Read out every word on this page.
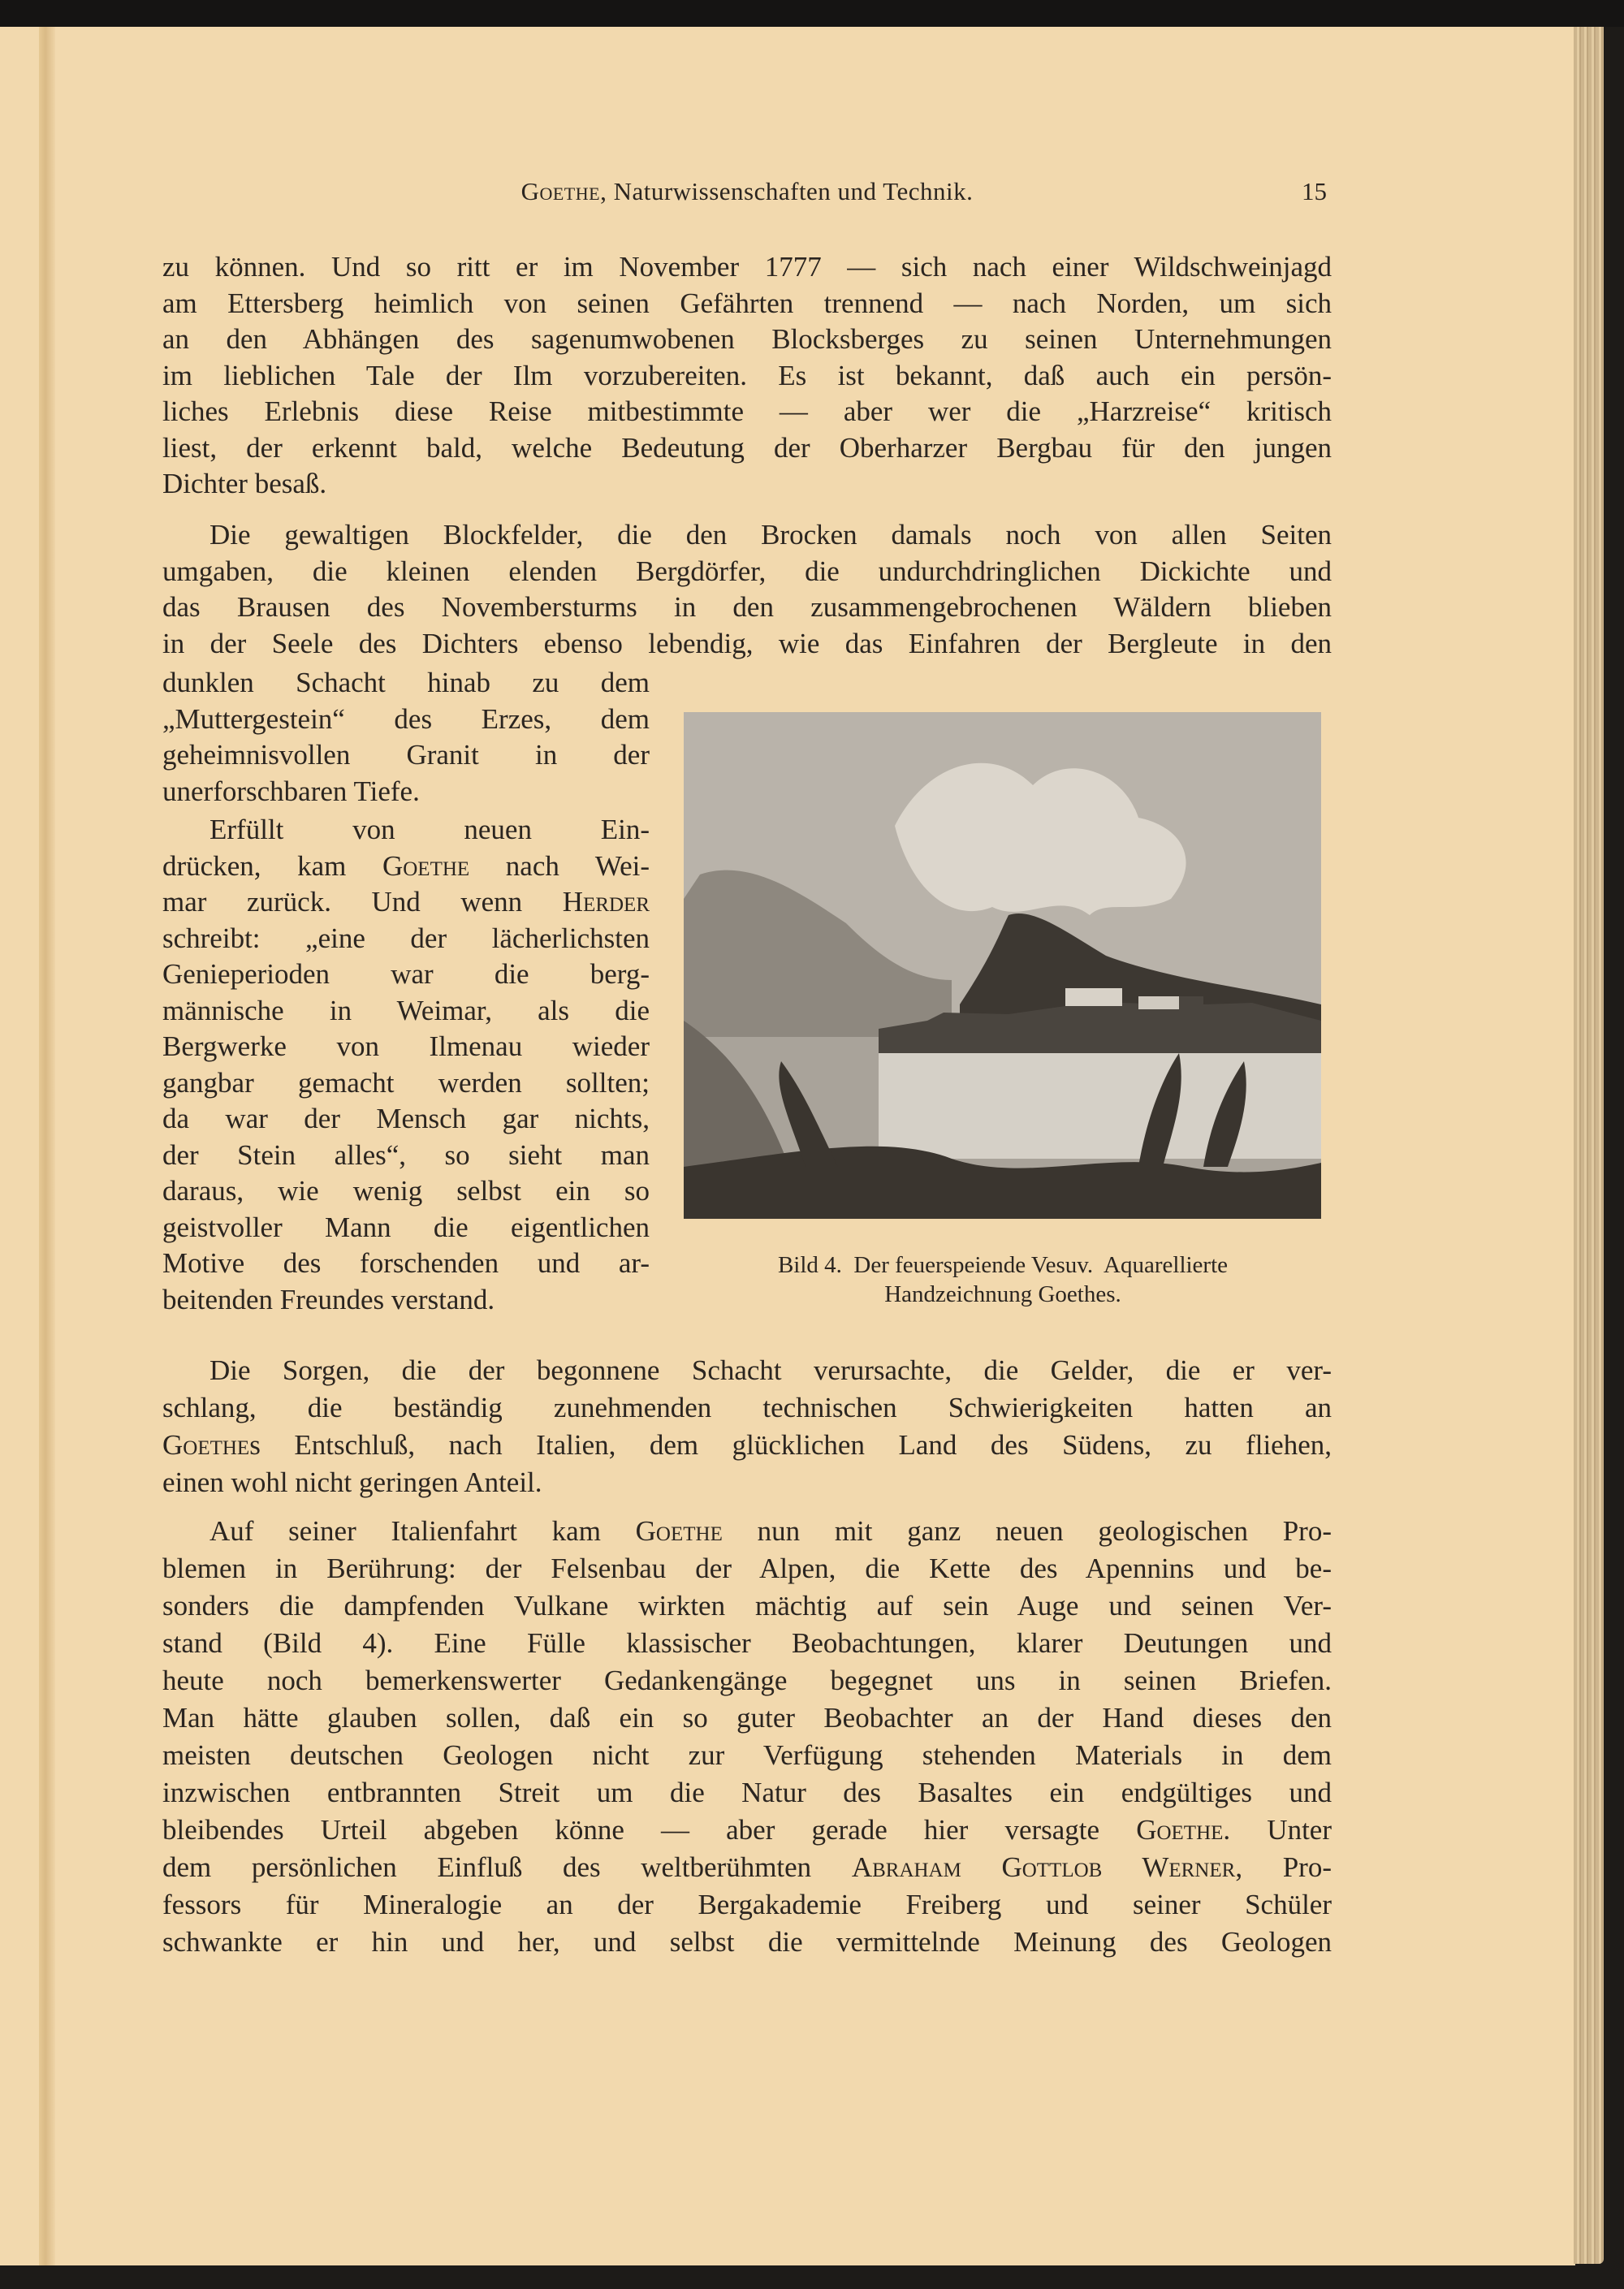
Goethe, Naturwissenschaften und Technik.	15
zu können. Und so ritt er im November 1777 — sich nach einer Wildschweinjagd
am Ettersberg heimlich von seinen Gefährten trennend — nach Norden, um sich
an den Abhängen des sagenumwobenen Blocksberges zu seinen Unternehmungen
im lieblichen Tale der Ilm vorzubereiten. Es ist bekannt, daß auch ein persön-
liches Erlebnis diese Reise mitbestimmte — aber wer die „Harzreise“ kritisch
liest, der erkennt bald, welche Bedeutung der Oberharzer Bergbau für den jungen
Dichter besaß.
Die gewaltigen Blockfelder, die den Brocken damals noch von allen Seiten
umgaben, die kleinen elenden Bergdörfer, die undurchdringlichen Dickichte und
das Brausen des Novembersturms in den zusammengebrochenen Wäldern blieben
in der Seele des Dichters ebenso lebendig, wie das Einfahren der Bergleute in den
dunklen Schacht hinab zu dem
„Muttergestein“ des Erzes, dem
geheimnisvollen Granit in der
unerforschbaren Tiefe.
Erfüllt von neuen Ein-
drücken, kam Goethe nach Wei-
mar zurück. Und wenn Herder
schreibt: „eine der lächerlichsten
Genieperioden war die berg-
männische in Weimar, als die
Bergwerke von Ilmenau wieder
gangbar gemacht werden sollten;
da war der Mensch gar nichts,
der Stein alles“, so sieht man
daraus, wie wenig selbst ein so
geistvoller Mann die eigentlichen
Motive des forschenden und ar-
beitenden Freundes verstand.
Die Sorgen, die der begonnene Schacht verursachte, die Gelder, die er ver-
schlang, die beständig zunehmenden technischen Schwierigkeiten hatten an
Goethes Entschluß, nach Italien, dem glücklichen Land des Südens, zu fliehen,
einen wohl nicht geringen Anteil.
Auf seiner Italienfahrt kam Goethe nun mit ganz neuen geologischen Pro-
blemen in Berührung: der Felsenbau der Alpen, die Kette des Apennins und be-
sonders die dampfenden Vulkane wirkten mächtig auf sein Auge und seinen Ver-
stand (Bild 4). Eine Fülle klassischer Beobachtungen, klarer Deutungen und
heute noch bemerkenswerter Gedankengänge begegnet uns in seinen Briefen.
Man hätte glauben sollen, daß ein so guter Beobachter an der Hand dieses den
meisten deutschen Geologen nicht zur Verfügung stehenden Materials in dem
inzwischen entbrannten Streit um die Natur des Basaltes ein endgültiges und
bleibendes Urteil abgeben könne — aber gerade hier versagte Goethe. Unter
dem persönlichen Einfluß des weltberühmten Abraham Gottlob Werner, Pro-
fessors für Mineralogie an der Bergakademie Freiberg und seiner Schüler
schwankte er hin und her, und selbst die vermittelnde Meinung des Geologen
Bild 4.  Der feuerspeiende Vesuv.  Aquarellierte
Handzeichnung Goethes.
